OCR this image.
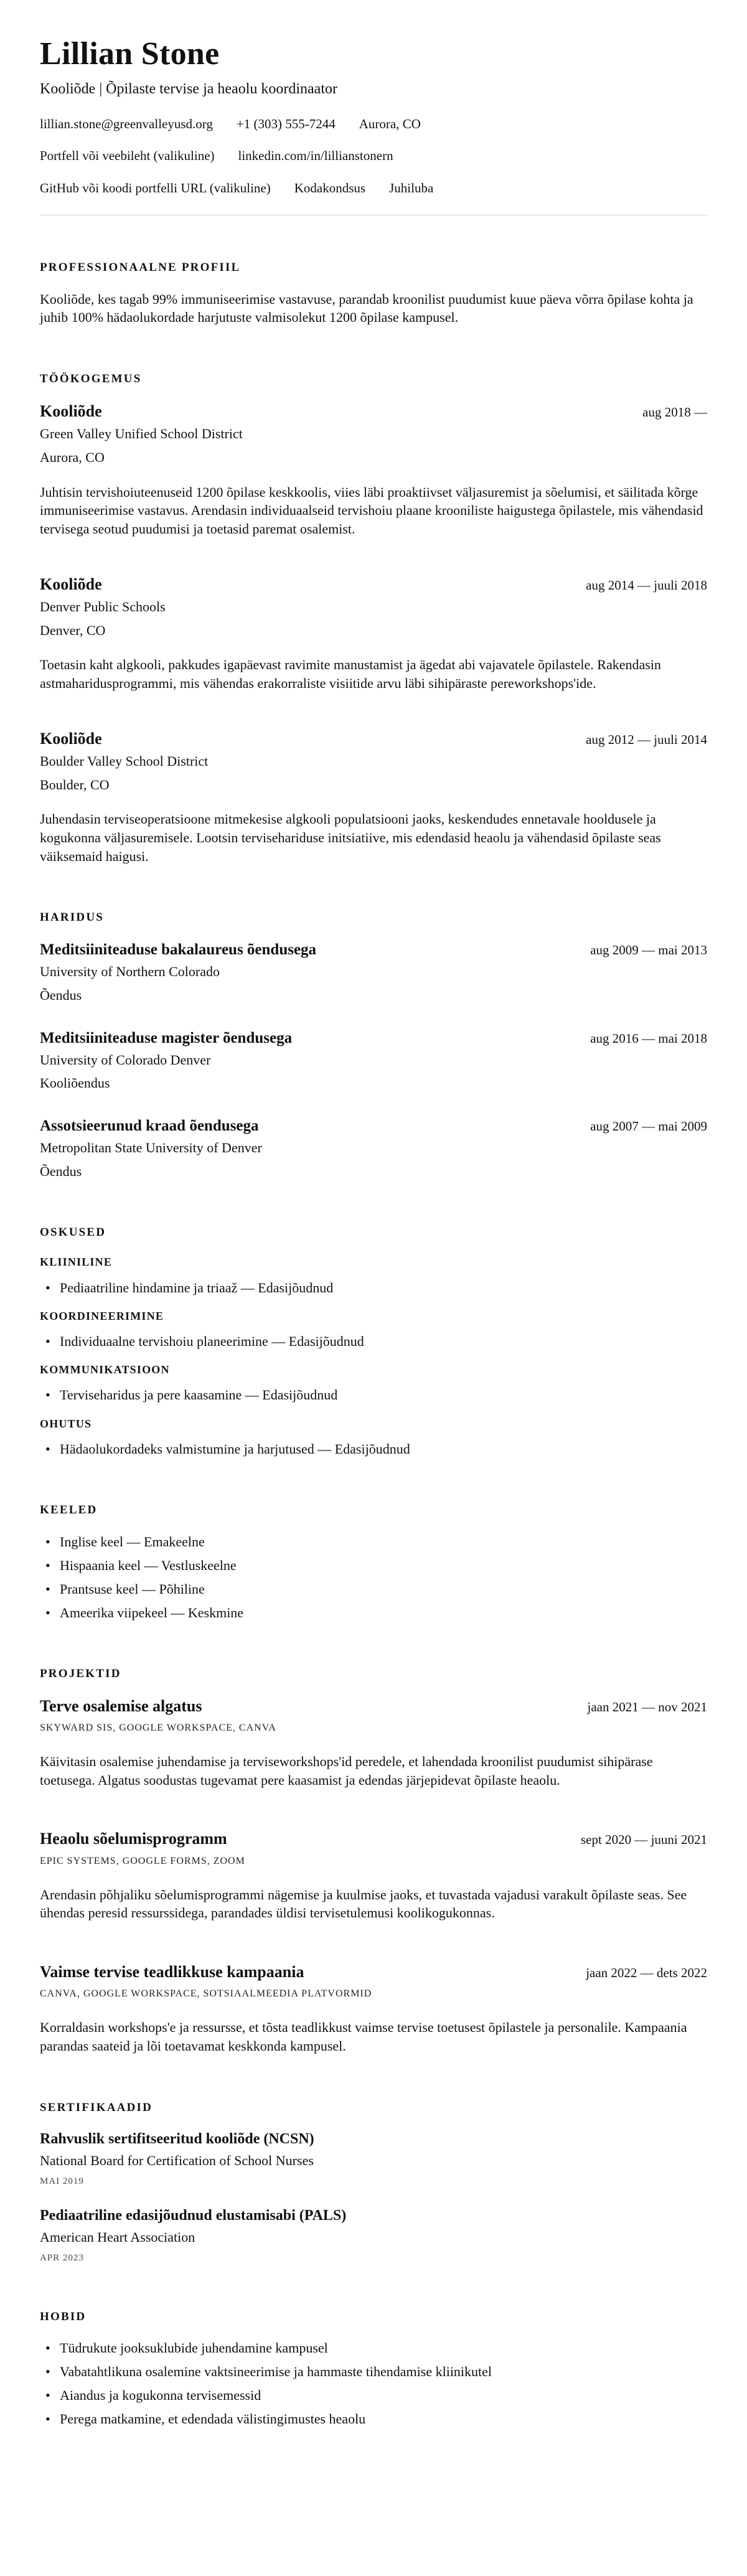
Lillian Stone
Kooliõde | Õpilaste tervise ja heaolu koordinaator
lillian.stone@greenvalleyusd.org +1 (303) 555-7244 Aurora, CO
Portfell või veebileht (valikuline) linkedin.com/in/lillianstonern
GitHub või koodi portfelli URL (valikuline) Kodakondsus Juhiluba
PROFESSIONAALNE PROFIIL

Kooliõde, kes tagab 99% immuniseerimise vastavuse, parandab kroonilist puudumist kuue päeva võrra õpilase kohta ja juhib 100% hädaolukordade harjutuste valmisolekut 1200 õpilase kampusel.

TÖÖKOGEMUS
Kooliõde	aug 2018 —
Green Valley Unified School District
Aurora, CO

Juhtisin tervishoiuteenuseid 1200 õpilase keskkoolis, viies läbi proaktiivset väljasuremist ja sõelumisi, et säilitada kõrge immuniseerimise vastavus. Arendasin individuaalseid tervishoiu plaane krooniliste haigustega õpilastele, mis vähendasid tervisega seotud puudumisi ja toetasid paremat osalemist.

Kooliõde	aug 2014 — juuli 2018
Denver Public Schools
Denver, CO

Toetasin kaht algkooli, pakkudes igapäevast ravimite manustamist ja ägedat abi vajavatele õpilastele. Rakendasin astmaharidusprogrammi, mis vähendas erakorraliste visiitide arvu läbi sihipäraste pereworkshops'ide.

Kooliõde	aug 2012 — juuli 2014
Boulder Valley School District
Boulder, CO

Juhendasin terviseoperatsioone mitmekesise algkooli populatsiooni jaoks, keskendudes ennetavale hooldusele ja kogukonna väljasuremisele. Lootsin tervisehariduse initsiatiive, mis edendasid heaolu ja vähendasid õpilaste seas väiksemaid haigusi.

HARIDUS
Meditsiiniteaduse bakalaureus õendusega	aug 2009 — mai 2013
University of Northern Colorado
Õendus
Meditsiiniteaduse magister õendusega	aug 2016 — mai 2018
University of Colorado Denver
Kooliõendus
Assotsieerunud kraad õendusega	aug 2007 — mai 2009
Metropolitan State University of Denver
Õendus
OSKUSED
KLIINILINE
• Pediaatriline hindamine ja triaaž — Edasijõudnud
KOORDINEERIMINE
• Individuaalne tervishoiu planeerimine — Edasijõudnud
KOMMUNIKATSIOON
• Terviseharidus ja pere kaasamine — Edasijõudnud
OHUTUS
• Hädaolukordadeks valmistumine ja harjutused — Edasijõudnud
KEELED
• Inglise keel — Emakeelne
• Hispaania keel — Vestluskeelne
• Prantsuse keel — Põhiline
• Ameerika viipekeel — Keskmine
PROJEKTID
Terve osalemise algatus	jaan 2021 — nov 2021
SKYWARD SIS, GOOGLE WORKSPACE, CANVA

Käivitasin osalemise juhendamise ja terviseworkshops'id peredele, et lahendada kroonilist puudumist sihipärase toetusega. Algatus soodustas tugevamat pere kaasamist ja edendas järjepidevat õpilaste heaolu.

Heaolu sõelumisprogramm	sept 2020 — juuni 2021
EPIC SYSTEMS, GOOGLE FORMS, ZOOM

Arendasin põhjaliku sõelumisprogrammi nägemise ja kuulmise jaoks, et tuvastada vajadusi varakult õpilaste seas. See ühendas peresid ressurssidega, parandades üldisi tervisetulemusi koolikogukonnas.

Vaimse tervise teadlikkuse kampaania	jaan 2022 — dets 2022
CANVA, GOOGLE WORKSPACE, SOTSIAALMEEDIA PLATVORMID

Korraldasin workshops'e ja ressursse, et tõsta teadlikkust vaimse tervise toetusest õpilastele ja personalile. Kampaania parandas saateid ja lõi toetavamat keskkonda kampusel.

SERTIFIKAADID
Rahvuslik sertifitseeritud kooliõde (NCSN)
National Board for Certification of School Nurses
MAI 2019
Pediaatriline edasijõudnud elustamisabi (PALS)
American Heart Association
APR 2023
HOBID
• Tüdrukute jooksuklubide juhendamine kampusel
• Vabatahtlikuna osalemine vaktsineerimise ja hammaste tihendamise kliinikutel
• Aiandus ja kogukonna tervisemessid
• Perega matkamine, et edendada välistingimustes heaolu
